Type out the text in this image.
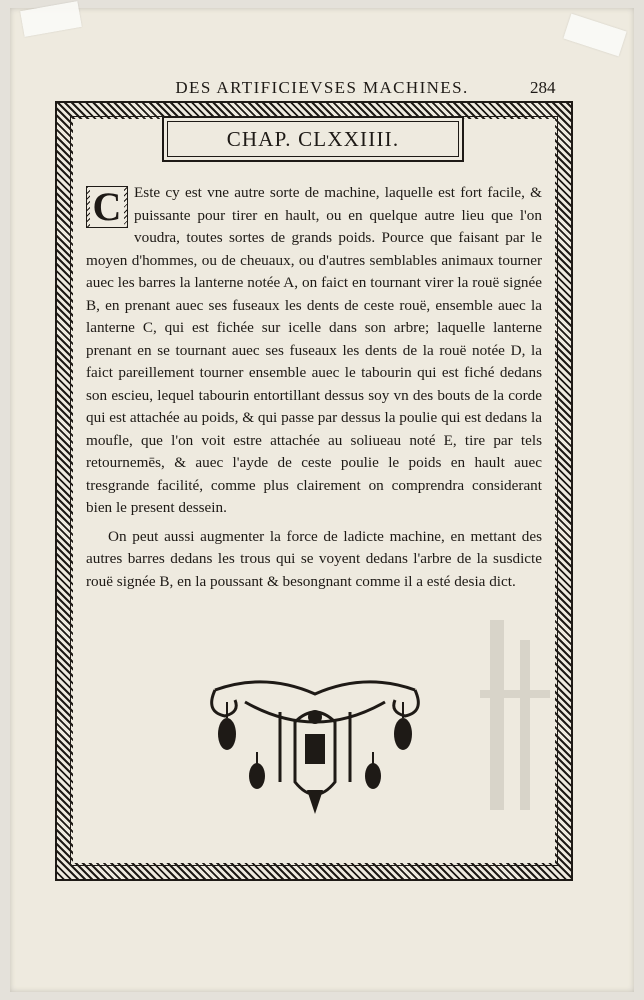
DES ARTIFICIEVSES MACHINES.	284
CHAP. CLXXIIII.

C Este cy est vne autre sorte de machine, laquelle est fort facile, & puissante pour tirer en hault, ou en quelque autre lieu que l'on voudra, toutes sortes de grands poids. Pource que faisant par le moyen d'hommes, ou de cheuaux, ou d'autres semblables animaux tourner auec les barres la lanterne notée A, on faict en tournant virer la rouë signée B, en prenant auec ses fuseaux les dents de ceste rouë, ensemble auec la lanterne C, qui est fichée sur icelle dans son arbre; laquelle lanterne prenant en se tournant auec ses fuseaux les dents de la rouë notée D, la faict pareillement tourner ensemble auec le tabourin qui est fiché dedans son escieu, lequel tabourin entortillant dessus soy vn des bouts de la corde qui est attachée au poids, & qui passe par dessus la poulie qui est dedans la moufle, que l'on voit estre attachée au soliueau noté E, tire par tels retournemēs, & auec l'ayde de ceste poulie le poids en hault auec tresgrande facilité, comme plus clairement on comprendra considerant bien le present dessein.

On peut aussi augmenter la force de ladicte machine, en mettant des autres barres dedans les trous qui se voyent dedans l'arbre de la susdicte rouë signée B, en la poussant & besongnant comme il a esté desia dict.
